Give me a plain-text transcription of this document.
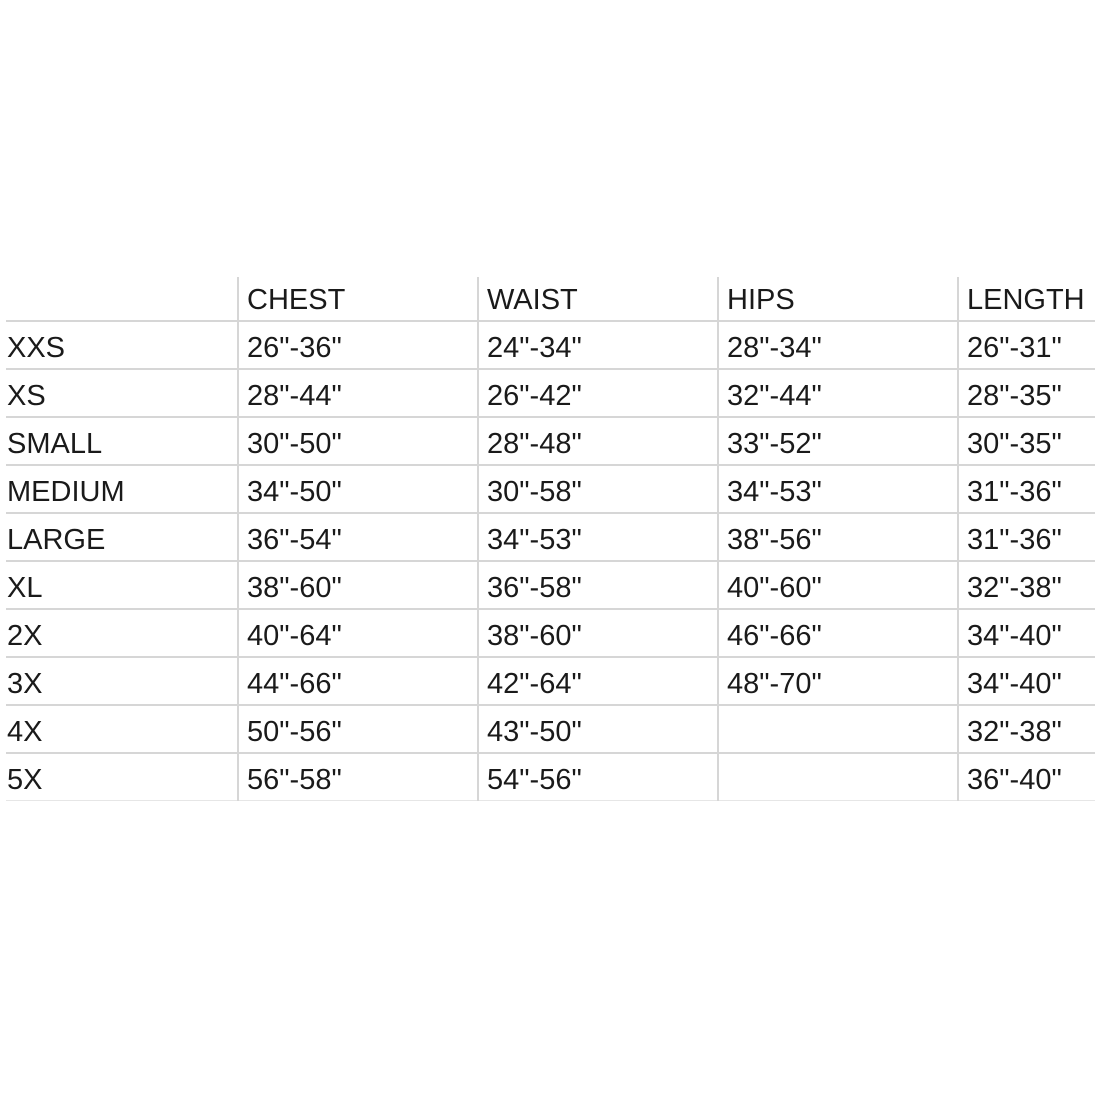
	CHEST	WAIST	HIPS	LENGTH
XXS	26"-36"	24"-34"	28"-34"	26"-31"
XS	28"-44"	26"-42"	32"-44"	28"-35"
SMALL	30"-50"	28"-48"	33"-52"	30"-35"
MEDIUM	34"-50"	30"-58"	34"-53"	31"-36"
LARGE	36"-54"	34"-53"	38"-56"	31"-36"
XL	38"-60"	36"-58"	40"-60"	32"-38"
2X	40"-64"	38"-60"	46"-66"	34"-40"
3X	44"-66"	42"-64"	48"-70"	34"-40"
4X	50"-56"	43"-50"		32"-38"
5X	56"-58"	54"-56"		36"-40"
